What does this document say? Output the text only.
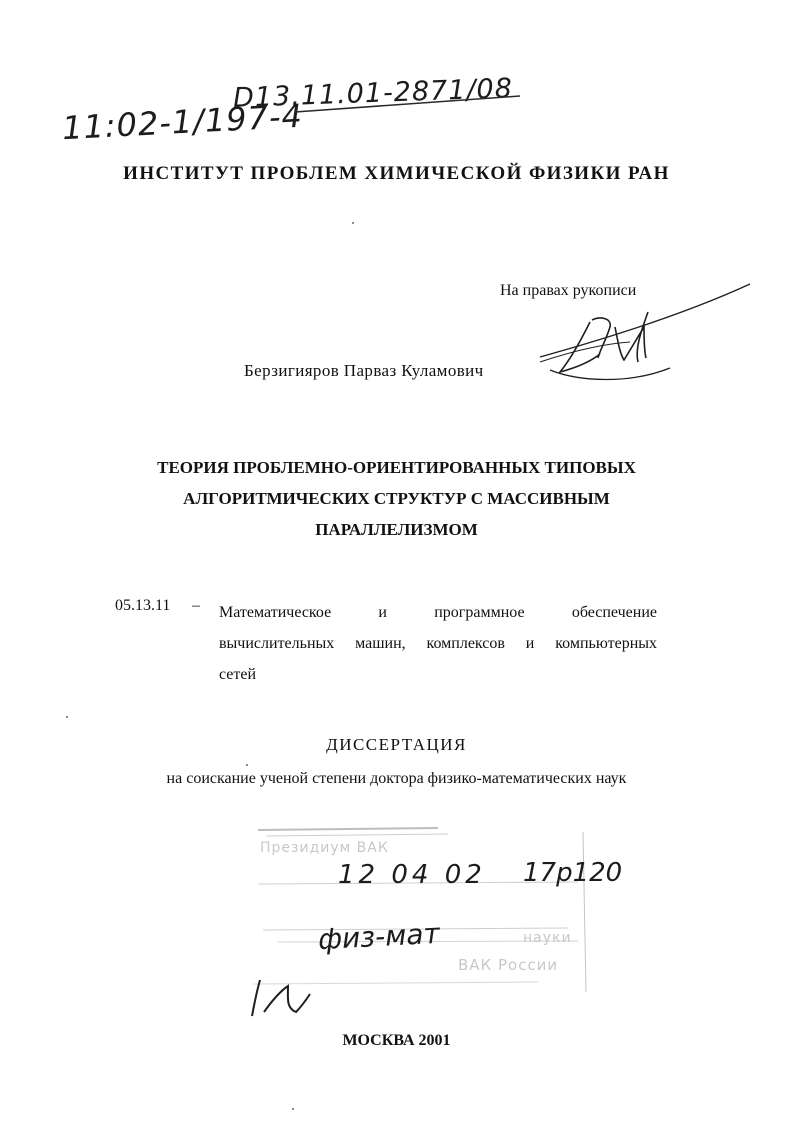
D13.11.01-2871/08
11:02-1/197-4
ИНСТИТУТ ПРОБЛЕМ ХИМИЧЕСКОЙ ФИЗИКИ РАН
На правах рукописи
Берзигияров Парваз Куламович
ТЕОРИЯ ПРОБЛЕМНО-ОРИЕНТИРОВАННЫХ ТИПОВЫХ АЛГОРИТМИЧЕСКИХ СТРУКТУР С МАССИВНЫМ ПАРАЛЛЕЛИЗМОМ
05.13.11 – Математическое и программное обеспечение
вычислительных машин, комплексов и компьютерных
сетей
ДИССЕРТАЦИЯ
на соискание ученой степени доктора физико-математических наук
Президиум ВАК
науки
ВАК России
12 04 02 17р120
физ-мат
МОСКВА 2001
